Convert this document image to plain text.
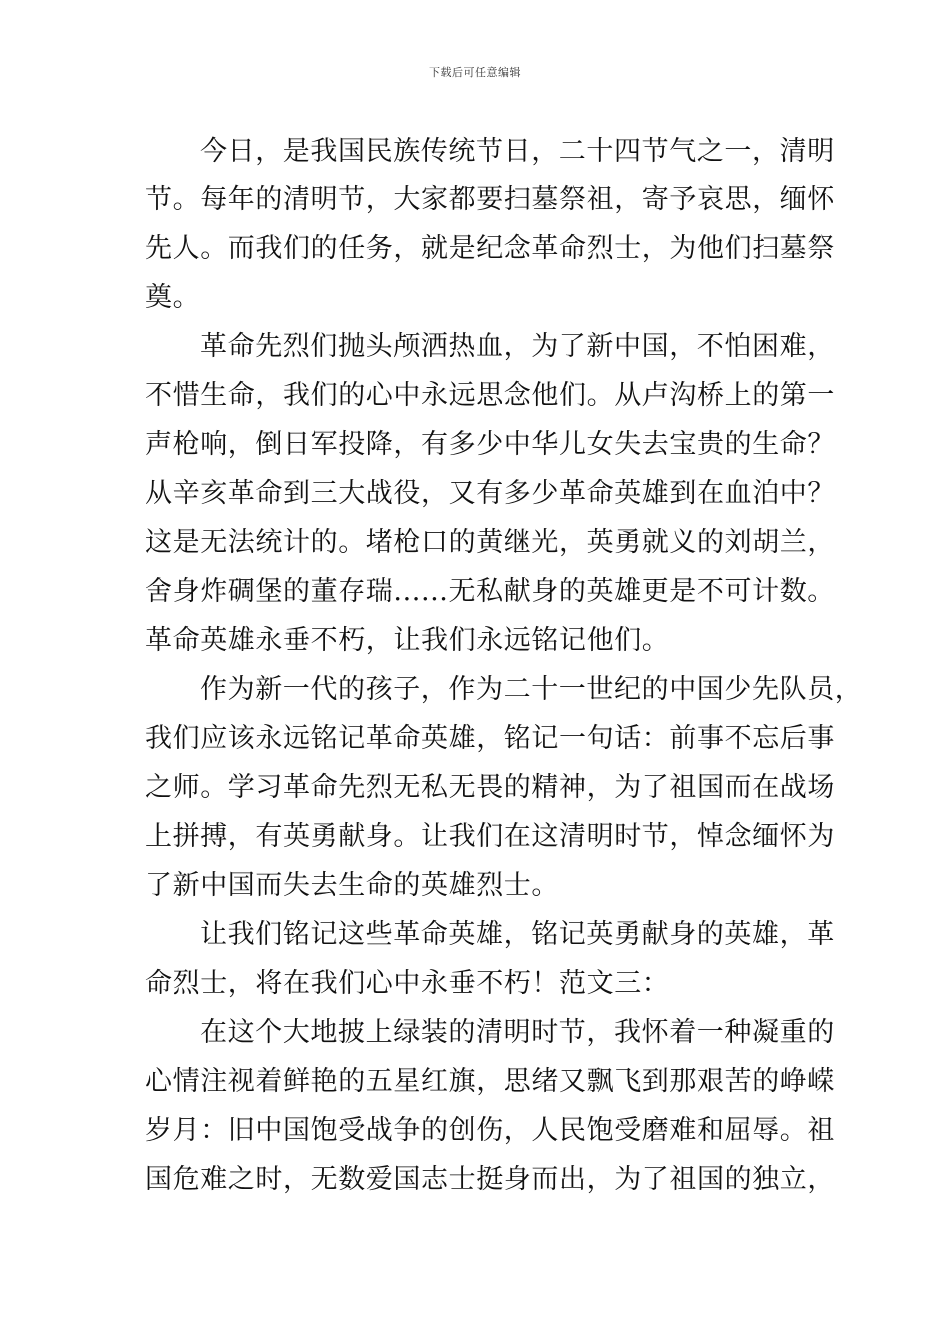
下载后可任意编辑
今日，是我国民族传统节日，二十四节气之一，清明
节。每年的清明节，大家都要扫墓祭祖，寄予哀思，缅怀
先人。而我们的任务，就是纪念革命烈士，为他们扫墓祭
奠。
革命先烈们抛头颅洒热血，为了新中国，不怕困难，
不惜生命，我们的心中永远思念他们。从卢沟桥上的第一
声枪响，倒日军投降，有多少中华儿女失去宝贵的生命？
从辛亥革命到三大战役，又有多少革命英雄到在血泊中？
这是无法统计的。堵枪口的黄继光，英勇就义的刘胡兰，
舍身炸碉堡的董存瑞......无私献身的英雄更是不可计数。
革命英雄永垂不朽，让我们永远铭记他们。
作为新一代的孩子，作为二十一世纪的中国少先队员，
我们应该永远铭记革命英雄，铭记一句话：前事不忘后事
之师。学习革命先烈无私无畏的精神，为了祖国而在战场
上拼搏，有英勇献身。让我们在这清明时节，悼念缅怀为
了新中国而失去生命的英雄烈士。
让我们铭记这些革命英雄，铭记英勇献身的英雄，革
命烈士，将在我们心中永垂不朽！范文三：
在这个大地披上绿装的清明时节，我怀着一种凝重的
心情注视着鲜艳的五星红旗，思绪又飘飞到那艰苦的峥嵘
岁月：旧中国饱受战争的创伤，人民饱受磨难和屈辱。祖
国危难之时，无数爱国志士挺身而出，为了祖国的独立，
